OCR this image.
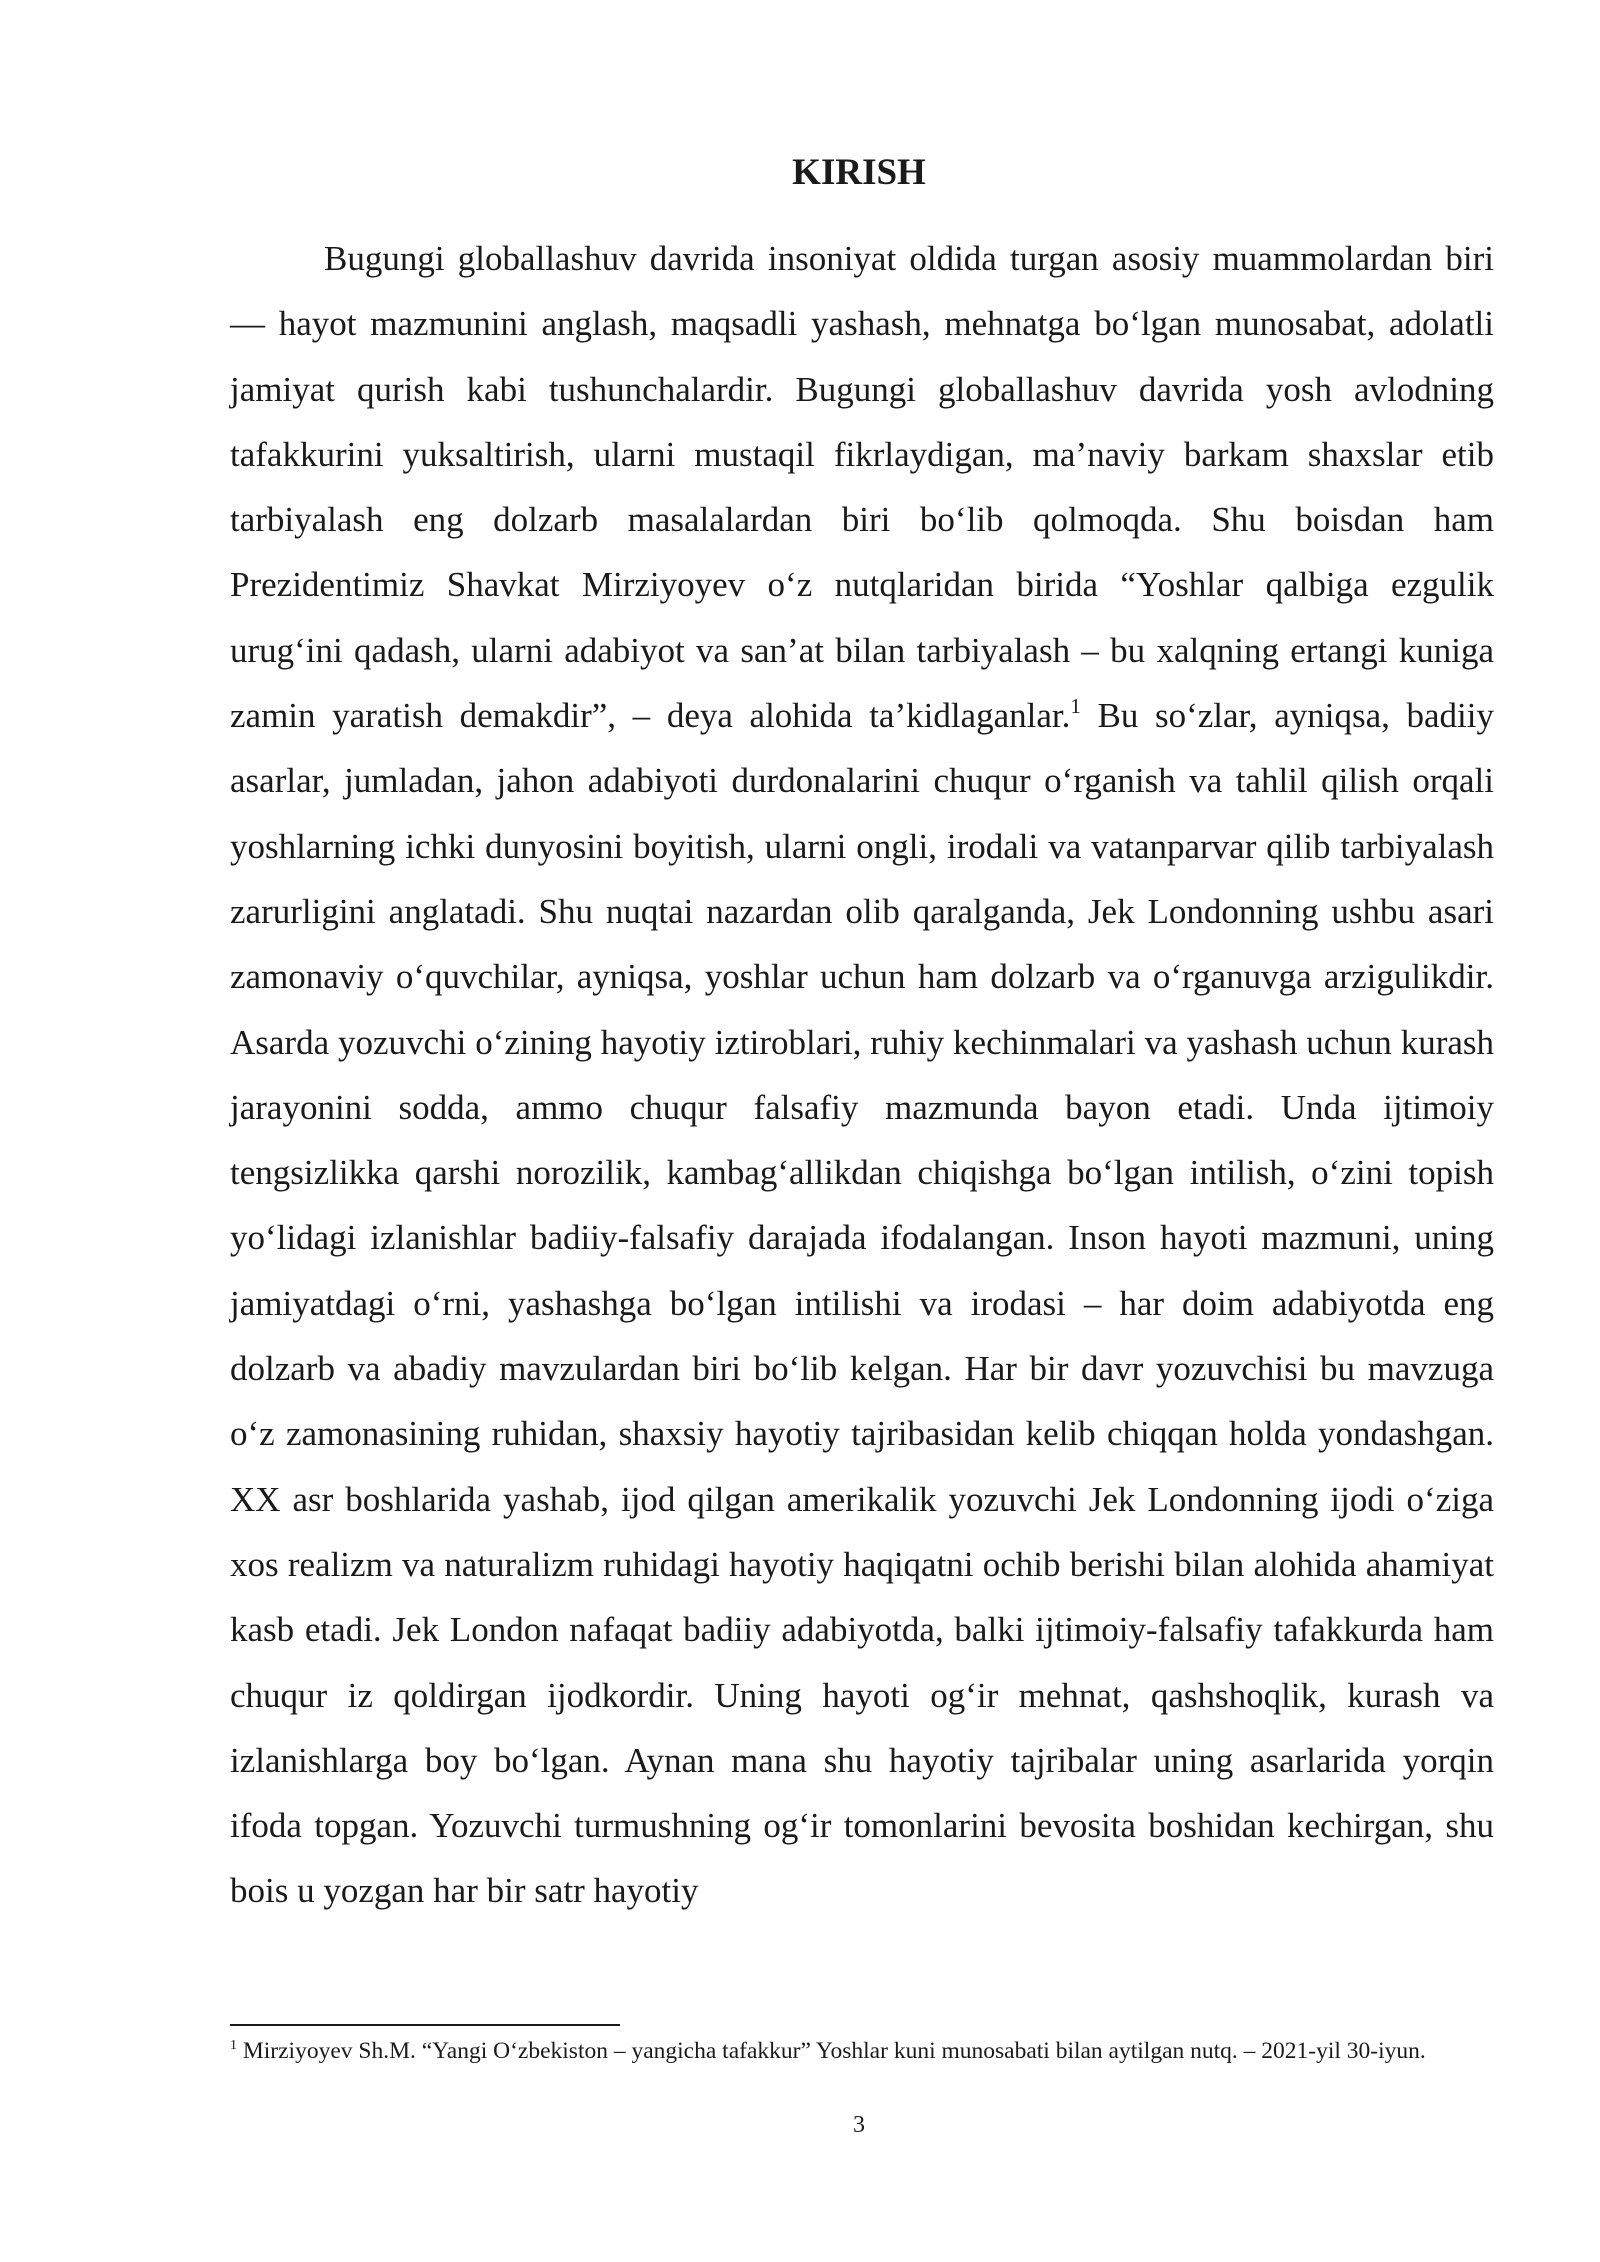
KIRISH

Bugungi globallashuv davrida insoniyat oldida turgan asosiy muammolardan biri — hayot mazmunini anglash, maqsadli yashash, mehnatga bo‘lgan munosabat, adolatli jamiyat qurish kabi tushunchalardir. Bugungi globallashuv davrida yosh avlodning tafakkurini yuksaltirish, ularni mustaqil fikrlaydigan, ma’naviy barkam shaxslar etib tarbiyalash eng dolzarb masalalardan biri bo‘lib qolmoqda. Shu boisdan ham Prezidentimiz Shavkat Mirziyoyev o‘z nutqlaridan birida “Yoshlar qalbiga ezgulik urug‘ini qadash, ularni adabiyot va san’at bilan tarbiyalash – bu xalqning ertangi kuniga zamin yaratish demakdir”, – deya alohida ta’kidlaganlar.$^1$ Bu so‘zlar, ayniqsa, badiiy asarlar, jumladan, jahon adabiyoti durdonalarini chuqur o‘rganish va tahlil qilish orqali yoshlarning ichki dunyosini boyitish, ularni ongli, irodali va vatanparvar qilib tarbiyalash zarurligini anglatadi. Shu nuqtai nazardan olib qaralganda, Jek Londonning ushbu asari zamonaviy o‘quvchilar, ayniqsa, yoshlar uchun ham dolzarb va o‘rganuvga arzigulikdir. Asarda yozuvchi o‘zining hayotiy iztiroblari, ruhiy kechinmalari va yashash uchun kurash jarayonini sodda, ammo chuqur falsafiy mazmunda bayon etadi. Unda ijtimoiy tengsizlikka qarshi norozilik, kambag‘allikdan chiqishga bo‘lgan intilish, o‘zini topish yo‘lidagi izlanishlar badiiy-falsafiy darajada ifodalangan. Inson hayoti mazmuni, uning jamiyatdagi o‘rni, yashashga bo‘lgan intilishi va irodasi – har doim adabiyotda eng dolzarb va abadiy mavzulardan biri bo‘lib kelgan. Har bir davr yozuvchisi bu mavzuga o‘z zamonasining ruhidan, shaxsiy hayotiy tajribasidan kelib chiqqan holda yondashgan. XX asr boshlarida yashab, ijod qilgan amerikalik yozuvchi Jek Londonning ijodi o‘ziga xos realizm va naturalizm ruhidagi hayotiy haqiqatni ochib berishi bilan alohida ahamiyat kasb etadi. Jek London nafaqat badiiy adabiyotda, balki ijtimoiy-falsafiy tafakkurda ham chuqur iz qoldirgan ijodkordir. Uning hayoti og‘ir mehnat, qashshoqlik, kurash va izlanishlarga boy bo‘lgan. Aynan mana shu hayotiy tajribalar uning asarlarida yorqin ifoda topgan. Yozuvchi turmushning og‘ir tomonlarini bevosita boshidan kechirgan, shu bois u yozgan har bir satr hayotiy

$^1$ Mirziyoyev Sh.M. “Yangi O‘zbekiston – yangicha tafakkur” Yoshlar kuni munosabati bilan aytilgan nutq. – 2021-yil 30-iyun.

3
